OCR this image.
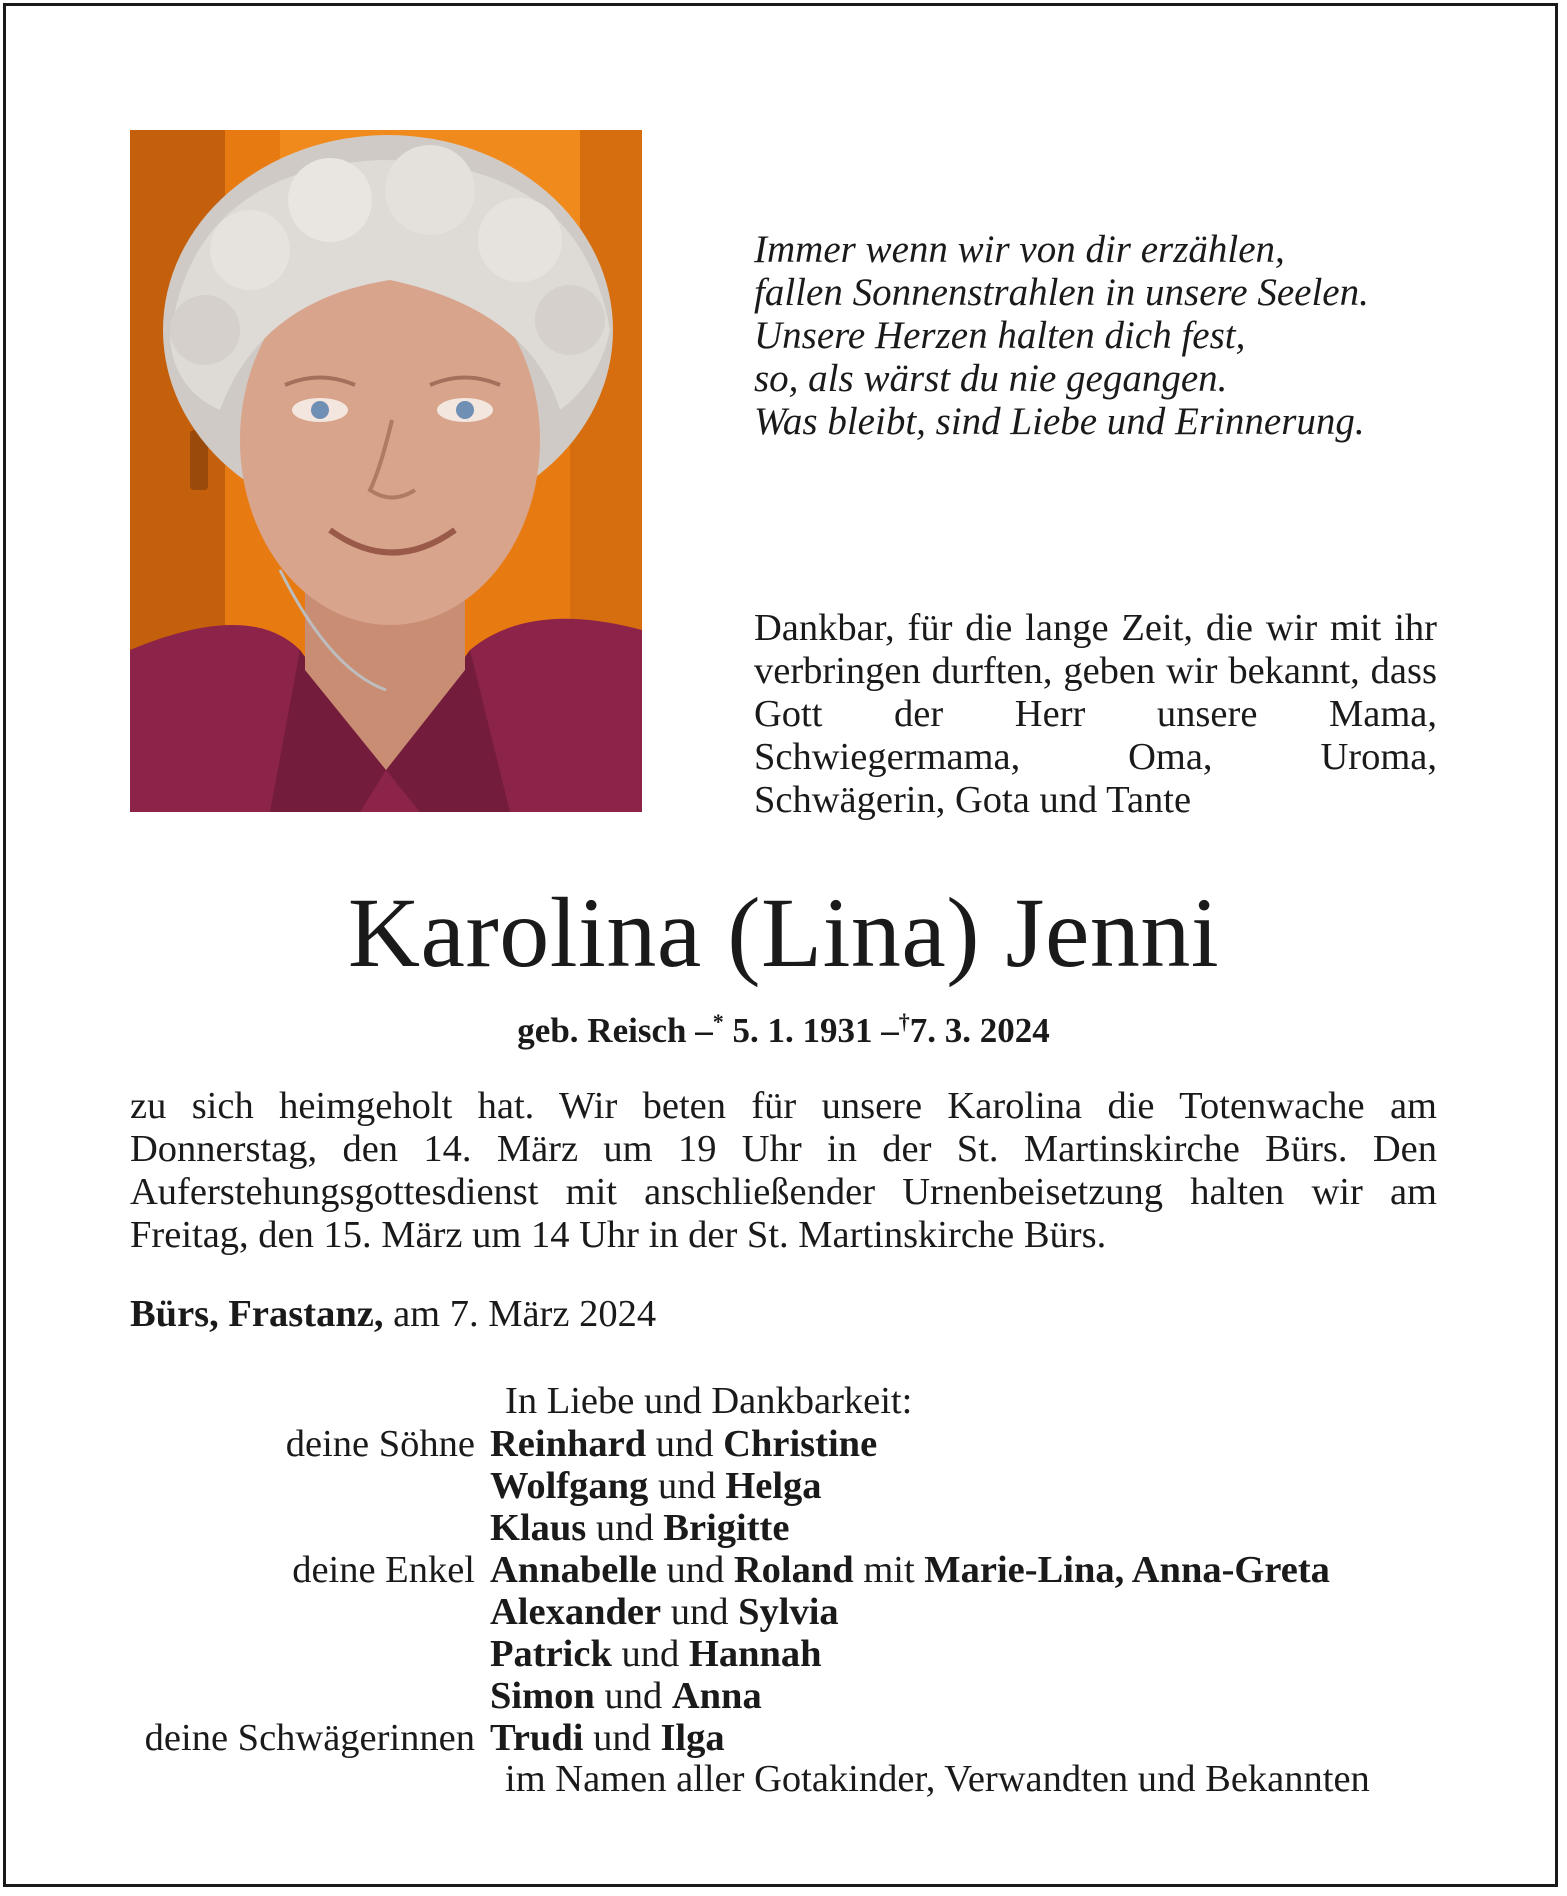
Immer wenn wir von dir erzählen,
fallen Sonnenstrahlen in unsere Seelen.
Unsere Herzen halten dich fest,
so, als wärst du nie gegangen.
Was bleibt, sind Liebe und Erinnerung.
Dankbar, für die lange Zeit, die wir mit ihr verbringen durften, geben wir bekannt, dass Gott der Herr unsere Mama, Schwiegermama, Oma, Uroma, Schwägerin, Gota und Tante
Karolina (Lina) Jenni
geb. Reisch –* 5. 1. 1931 –†7. 3. 2024
zu sich heimgeholt hat. Wir beten für unsere Karolina die Totenwache am Donnerstag, den 14. März um 19 Uhr in der St. Martinskirche Bürs. Den Auferstehungsgottesdienst mit anschließender Urnenbeisetzung halten wir am Freitag, den 15. März um 14 Uhr in der St. Martinskirche Bürs.
Bürs, Frastanz, am 7. März 2024
In Liebe und Dankbarkeit:
deine Söhne Reinhard und Christine
Wolfgang und Helga
Klaus und Brigitte
deine Enkel Annabelle und Roland mit Marie-Lina, Anna-Greta
Alexander und Sylvia
Patrick und Hannah
Simon und Anna
deine Schwägerinnen Trudi und Ilga
im Namen aller Gotakinder, Verwandten und Bekannten
